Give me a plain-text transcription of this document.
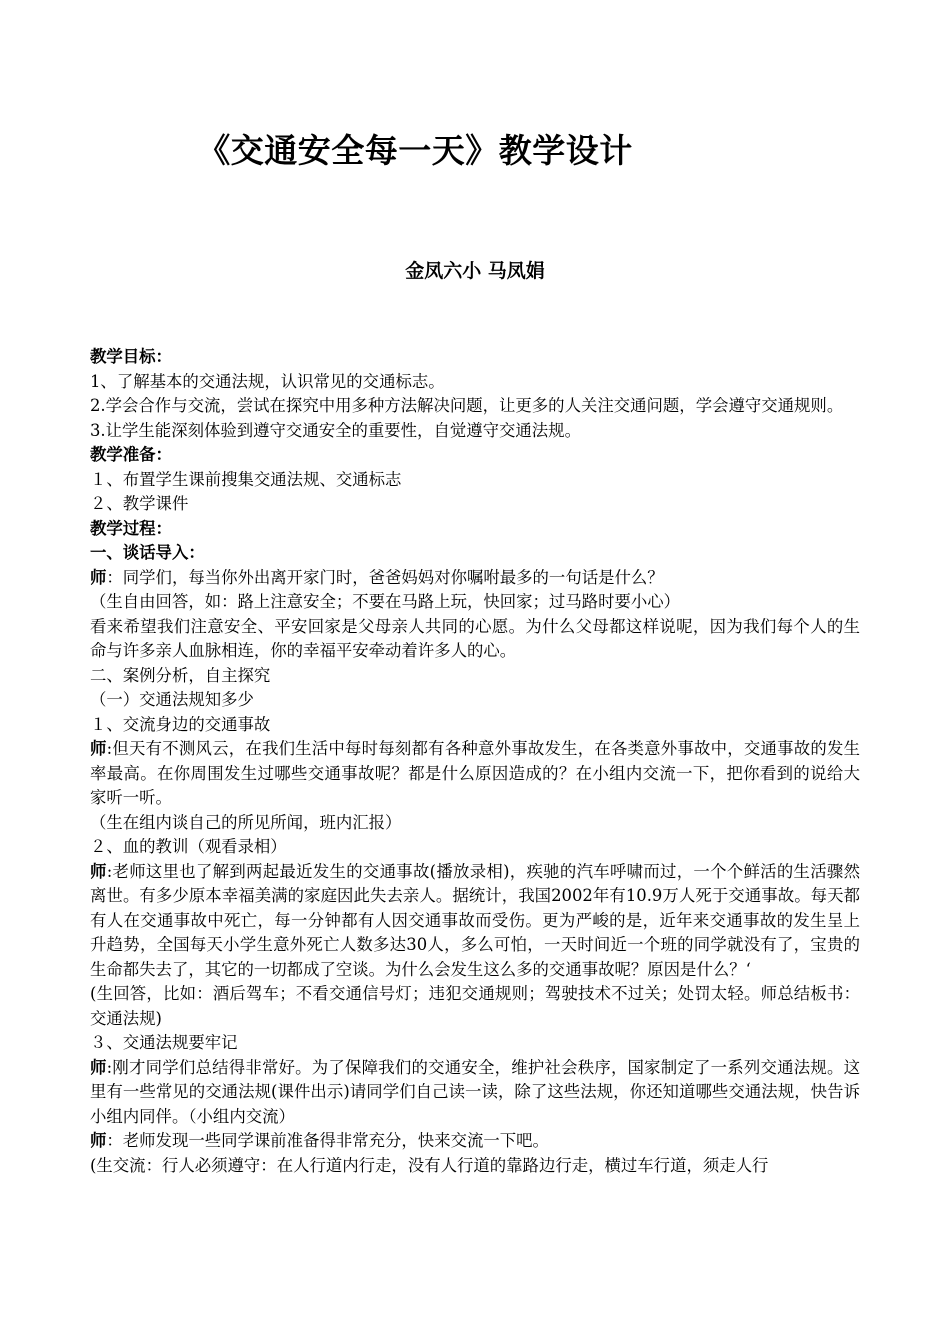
《交通安全每一天》教学设计
金凤六小 马凤娟

教学目标：

1、了解基本的交通法规，认识常见的交通标志。

2.学会合作与交流，尝试在探究中用多种方法解决问题，让更多的人关注交通问题，学会遵守交通规则。

3.让学生能深刻体验到遵守交通安全的重要性，自觉遵守交通法规。

教学准备：

１、布置学生课前搜集交通法规、交通标志

２、教学课件

教学过程：

一、谈话导入：

师：同学们，每当你外出离开家门时，爸爸妈妈对你嘱咐最多的一句话是什么？

（生自由回答，如：路上注意安全；不要在马路上玩，快回家；过马路时要小心）

看来希望我们注意安全、平安回家是父母亲人共同的心愿。为什么父母都这样说呢，因为我们每个人的生命与许多亲人血脉相连，你的幸福平安牵动着许多人的心。

二、案例分析，自主探究

（一）交通法规知多少

１、交流身边的交通事故

师:但天有不测风云，在我们生活中每时每刻都有各种意外事故发生，在各类意外事故中，交通事故的发生率最高。在你周围发生过哪些交通事故呢？都是什么原因造成的？在小组内交流一下，把你看到的说给大家听一听。

（生在组内谈自己的所见所闻，班内汇报）

２、血的教训（观看录相）

师:老师这里也了解到两起最近发生的交通事故(播放录相)，疾驰的汽车呼啸而过，一个个鲜活的生活骤然离世。有多少原本幸福美满的家庭因此失去亲人。据统计，我国2002年有10.9万人死于交通事故。每天都有人在交通事故中死亡，每一分钟都有人因交通事故而受伤。更为严峻的是，近年来交通事故的发生呈上升趋势，全国每天小学生意外死亡人数多达30人，多么可怕，一天时间近一个班的同学就没有了，宝贵的生命都失去了，其它的一切都成了空谈。为什么会发生这么多的交通事故呢？原因是什么？‘

(生回答，比如：酒后驾车；不看交通信号灯；违犯交通规则；驾驶技术不过关；处罚太轻。师总结板书：交通法规)

３、交通法规要牢记

师:刚才同学们总结得非常好。为了保障我们的交通安全，维护社会秩序，国家制定了一系列交通法规。这里有一些常见的交通法规(课件出示)请同学们自己读一读，除了这些法规，你还知道哪些交通法规，快告诉小组内同伴。（小组内交流）

师：老师发现一些同学课前准备得非常充分，快来交流一下吧。

(生交流：行人必须遵守：在人行道内行走，没有人行道的靠路边行走，横过车行道，须走人行
